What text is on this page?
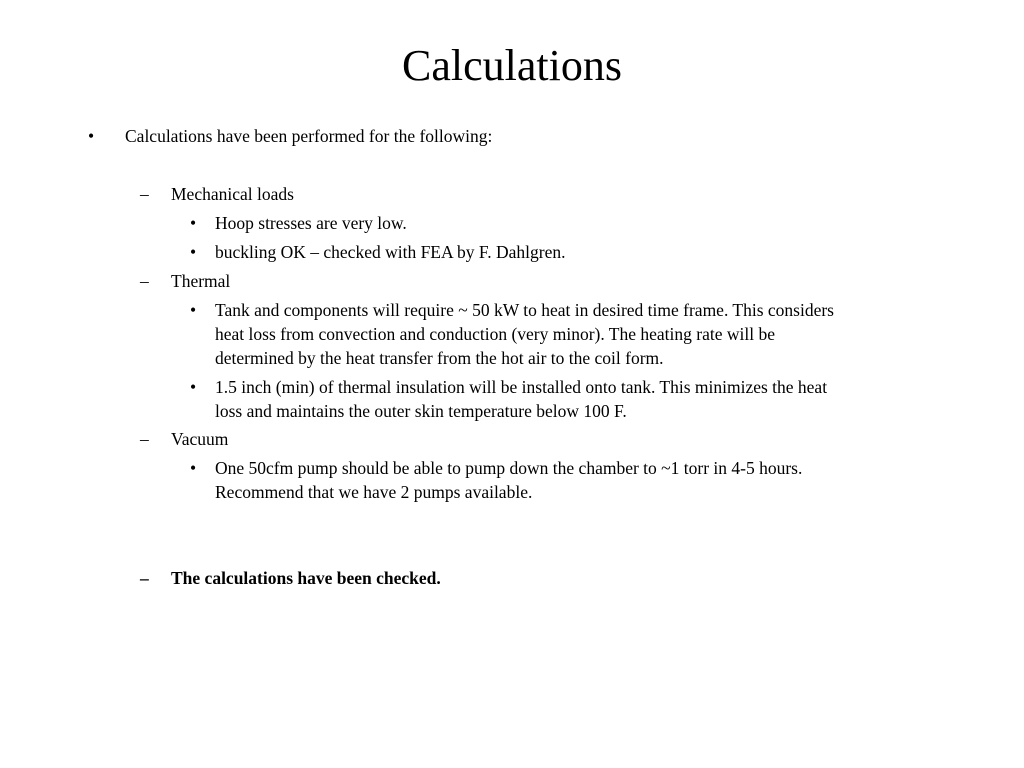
Calculations
• Calculations have been performed for the following:
– Mechanical loads
• Hoop stresses are very low.
• buckling OK – checked with FEA by F. Dahlgren.
– Thermal
• Tank and components will require ~ 50 kW to heat in desired time frame. This considers
heat loss from convection and conduction (very minor). The heating rate will be
determined by the heat transfer from the hot air to the coil form.
• 1.5 inch (min) of thermal insulation will be installed onto tank. This minimizes the heat
loss and maintains the outer skin temperature below 100 F.
– Vacuum
• One 50cfm pump should be able to pump down the chamber to ~1 torr in 4-5 hours.
Recommend that we have 2 pumps available.
– The calculations have been checked.
